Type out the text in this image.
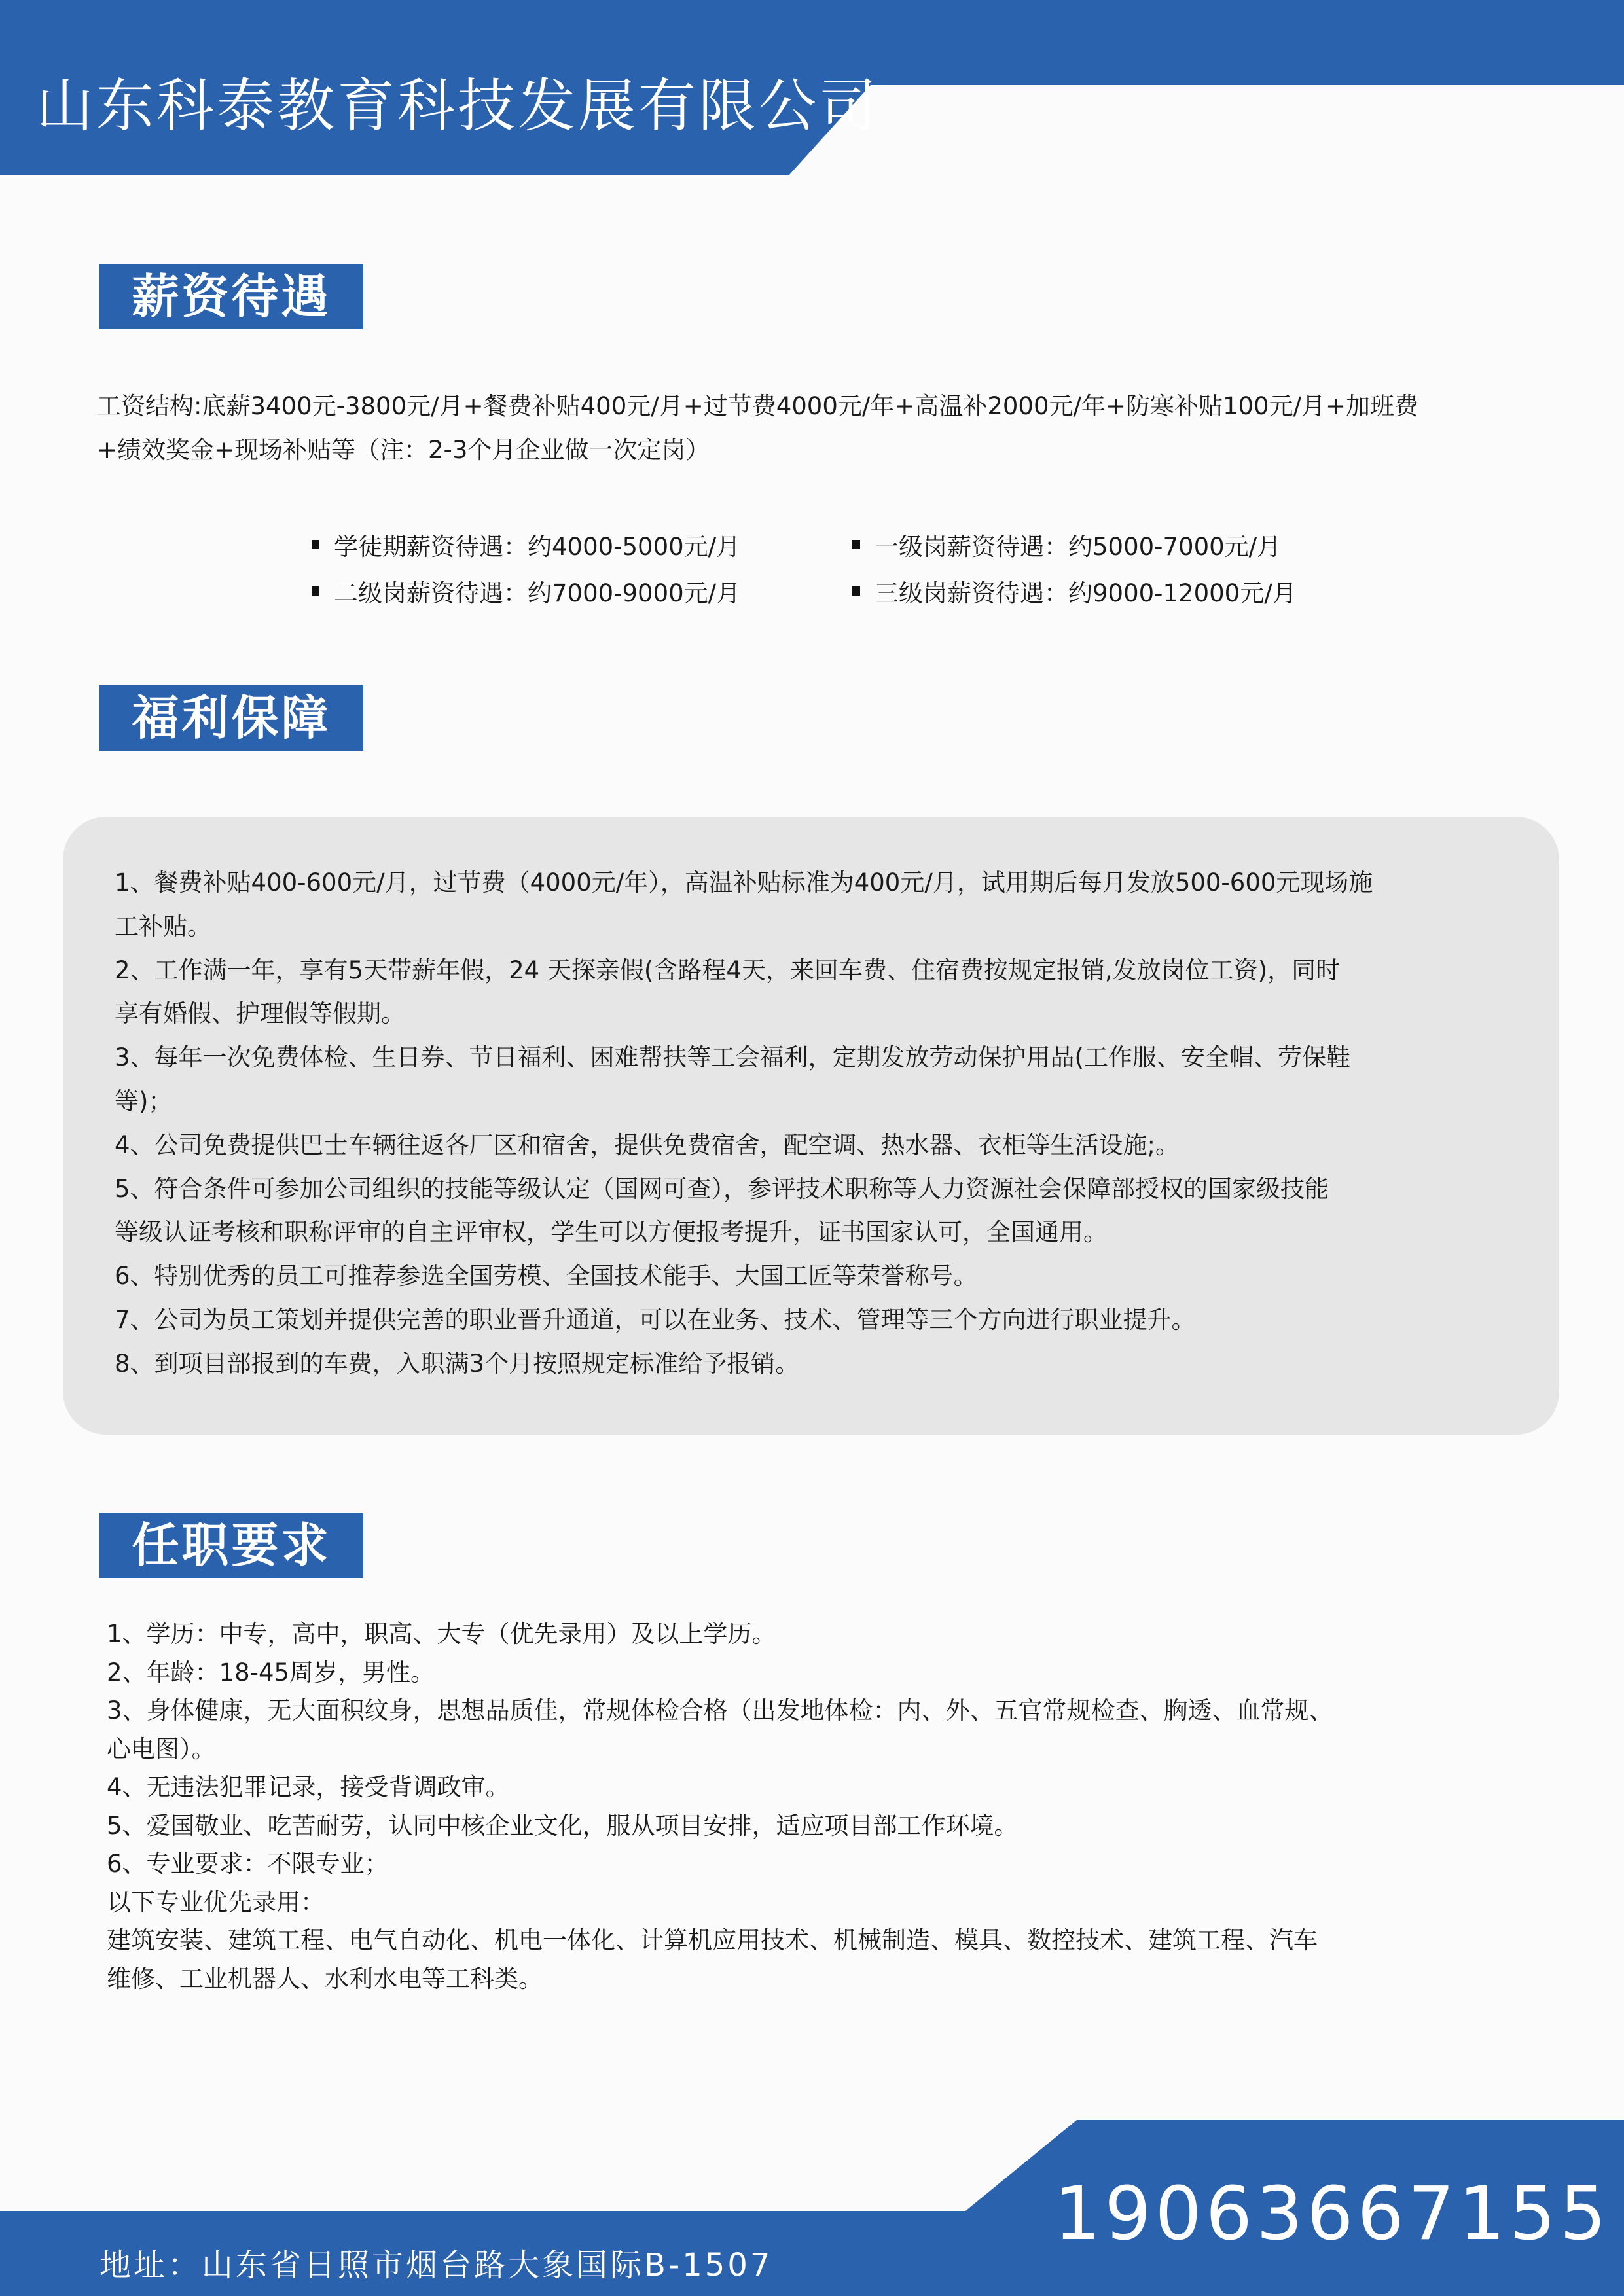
山东科泰教育科技发展有限公司
薪资待遇
工资结构:底薪3400元-3800元/月+餐费补贴400元/月+过节费4000元/年+高温补2000元/年+防寒补贴100元/月+加班费
+绩效奖金+现场补贴等（注：2-3个月企业做一次定岗）
学徒期薪资待遇：约4000-5000元/月	一级岗薪资待遇：约5000-7000元/月
二级岗薪资待遇：约7000-9000元/月	三级岗薪资待遇：约9000-12000元/月
福利保障
1、餐费补贴400-600元/月，过节费（4000元/年），高温补贴标准为400元/月，试用期后每月发放500-600元现场施
工补贴。
2、工作满一年，享有5天带薪年假，24 天探亲假(含路程4天，来回车费、住宿费按规定报销,发放岗位工资)，同时
享有婚假、护理假等假期。
3、每年一次免费体检、生日券、节日福利、困难帮扶等工会福利，定期发放劳动保护用品(工作服、安全帽、劳保鞋
等)；
4、公司免费提供巴士车辆往返各厂区和宿舍，提供免费宿舍，配空调、热水器、衣柜等生活设施;。
5、符合条件可参加公司组织的技能等级认定（国网可查），参评技术职称等人力资源社会保障部授权的国家级技能
等级认证考核和职称评审的自主评审权，学生可以方便报考提升，证书国家认可，全国通用。
6、特别优秀的员工可推荐参选全国劳模、全国技术能手、大国工匠等荣誉称号。
7、公司为员工策划并提供完善的职业晋升通道，可以在业务、技术、管理等三个方向进行职业提升。
8、到项目部报到的车费，入职满3个月按照规定标准给予报销。
任职要求
1、学历：中专，高中，职高、大专（优先录用）及以上学历。
2、年龄：18-45周岁，男性。
3、身体健康，无大面积纹身，思想品质佳，常规体检合格（出发地体检：内、外、五官常规检查、胸透、血常规、
心电图）。
4、无违法犯罪记录，接受背调政审。
5、爱国敬业、吃苦耐劳，认同中核企业文化，服从项目安排，适应项目部工作环境。
6、专业要求：不限专业；
以下专业优先录用：
建筑安装、建筑工程、电气自动化、机电一体化、计算机应用技术、机械制造、模具、数控技术、建筑工程、汽车
维修、工业机器人、水利水电等工科类。
19063667155
地址：山东省日照市烟台路大象国际B-1507
